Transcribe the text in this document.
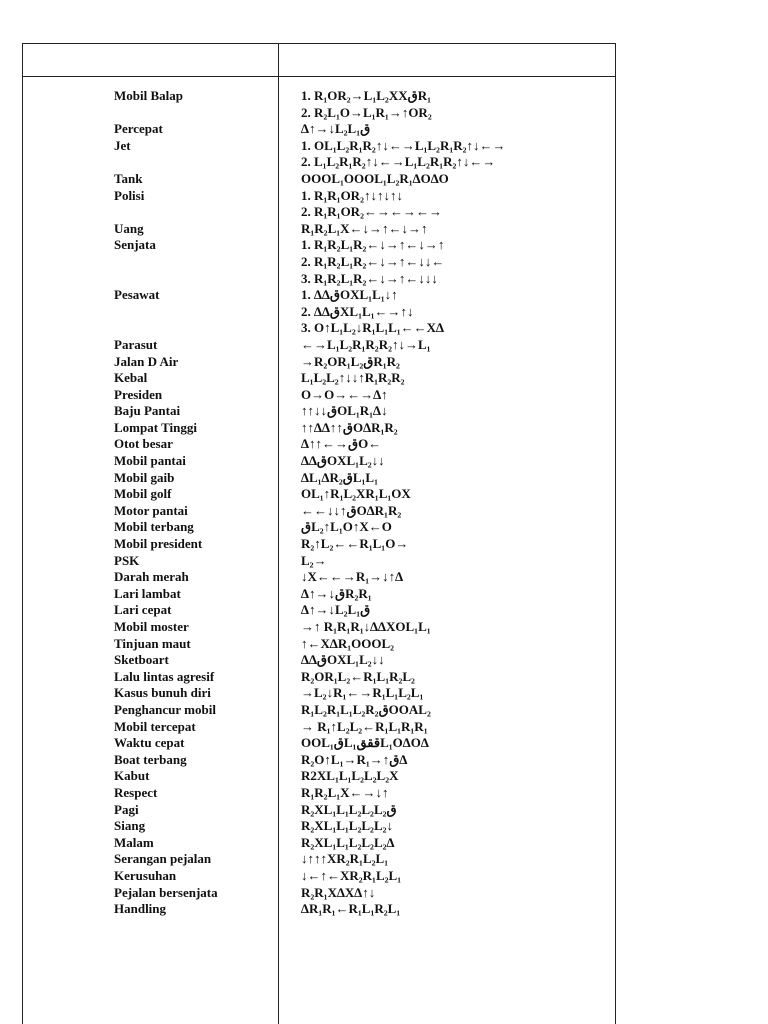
Mobil Balap	1. R₁OR₂→L₁L₂XXقR₁
2. R₂L₁O→L₁R₁→↑OR₂
Percepat	∆↑→↓L₂L₁ق
Jet	1. OL₁L₂R₁R₂↑↓←→L₁L₂R₁R₂↑↓←→
2. L₁L₂R₁R₂↑↓←→L₁L₂R₁R₂↑↓←→
Tank	OOOL₁OOOL₁L₂R₁∆O∆O
Polisi	1. R₁R₁OR₂↑↓↑↓↑↓
2. R₁R₁OR₂←→←→←→
Uang	R₁R₂L₁X←↓→↑←↓→↑
Senjata	1. R₁R₂L₁R₂←↓→↑←↓→↑
2. R₁R₂L₁R₂←↓→↑←↓↓←
3. R₁R₂L₁R₂←↓→↑←↓↓↓
Pesawat	1. ∆∆قOXL₁L₁↓↑
2. ∆∆قXL₁L₁←→↑↓
3. O↑L₁L₂↓R₁L₁L₁←←X∆
Parasut	←→L₁L₂R₁R₂R₂↑↓→L₁
Jalan D Air	→R₂OR₁L₂قR₁R₂
Kebal	L₁L₂L₂↑↓↓↑R₁R₂R₂
Presiden	O→O→←→∆↑
Baju Pantai	↑↑↓↓قOL₁R₁∆↓
Lompat Tinggi	↑↑∆∆↑↑قO∆R₁R₂
Otot besar	∆↑↑←→قO←
Mobil pantai	∆∆قOXL₁L₂↓↓
Mobil gaib	∆L₁∆R₂قL₁L₁
Mobil golf	OL₁↑R₁L₂XR₁L₁OX
Motor pantai	←←↓↓↑قO∆R₁R₂
Mobil terbang	قL₂↑L₁O↑X←O
Mobil president	R₂↑L₂←←R₁L₁O→
PSK	L₂→
Darah merah	↓X←←→R₁→↓↑∆
Lari lambat	∆↑→↓قR₂R₁
Lari cepat	∆↑→↓L₂L₁ق
Mobil moster	→↑ R₁R₁R₁↓∆∆XOL₁L₁
Tinjuan maut	↑←X∆R₁OOOL₂
Sketboart	∆∆قOXL₁L₂↓↓
Lalu lintas agresif	R₂OR₁L₂←R₁L₁R₂L₂
Kasus bunuh diri	→L₂↓R₁←→R₁L₁L₂L₁
Penghancur mobil	R₁L₂R₁L₁L₂R₂قOOAL₂
Mobil tercepat	→ R₁↑L₂L₂←R₁L₁R₁R₁
Waktu cepat	OOL₁قL₁قققL₁O∆O∆
Boat terbang	R₂O↑L₁→R₁→↑ق∆
Kabut	R2XL₁L₁L₂L₂L₂X
Respect	R₁R₂L₁X←→↓↑
Pagi	R₂XL₁L₁L₂L₂L₂ق
Siang	R₂XL₁L₁L₂L₂L₂↓
Malam	R₂XL₁L₁L₂L₂L₂∆
Serangan pejalan	↓↑↑↑XR₂R₁L₂L₁
Kerusuhan	↓←↑←XR₂R₁L₂L₁
Pejalan bersenjata	R₂R₁X∆X∆↑↓
Handling	∆R₁R₁←R₁L₁R₂L₁
